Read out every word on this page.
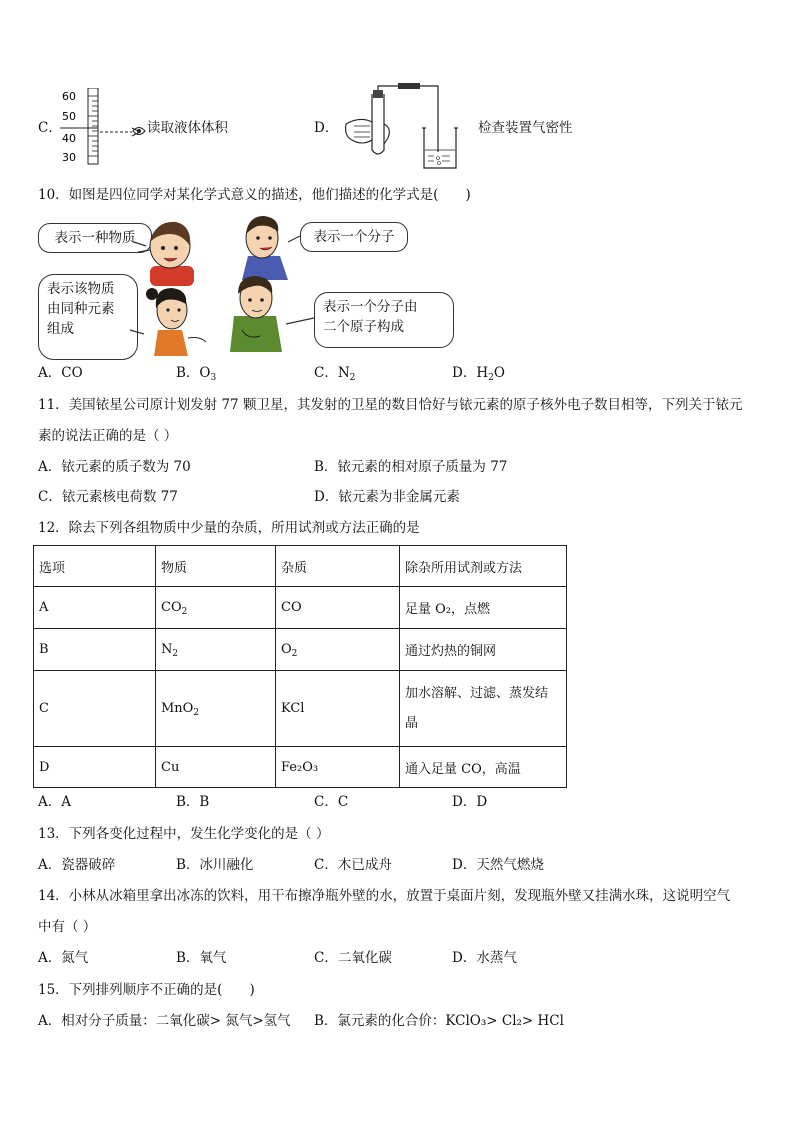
C．
60
50
40
30
读取液体体积	D．	检查装置气密性
10．如图是四位同学对某化学式意义的描述，他们描述的化学式是(　　)
表示一种物质	表示一个分子
表示该物质
由同种元素
组成
表示一个分子由
二个原子构成
A．CO	B．$O_3$	C．$N_2$	D．$H_2O$
11．美国铱星公司原计划发射 77 颗卫星，其发射的卫星的数目恰好与铱元素的原子核外电子数目相等，下列关于铱元
素的说法正确的是（ ）
A．铱元素的质子数为 70	B．铱元素的相对原子质量为 77
C．铱元素核电荷数 77	D．铱元素为非金属元素
12．除去下列各组物质中少量的杂质，所用试剂或方法正确的是
选项	物质	杂质	除杂所用试剂或方法
A	$CO_2$	CO	足量 O₂，点燃
B	$N_2$	$O_2$	通过灼热的铜网
C	MnO$_2$	KCl	加水溶解、过滤、蒸发结
晶

D	Cu	Fe₂O₃	通入足量 CO，高温
A．A	B．B	C．C	D．D
13．下列各变化过程中，发生化学变化的是（ ）
A．瓷器破碎	B．冰川融化	C．木已成舟	D．天然气燃烧
14．小林从冰箱里拿出冰冻的饮料，用干布擦净瓶外壁的水，放置于桌面片刻，发现瓶外壁又挂满水珠，这说明空气
中有（ ）
A．氮气	B．氧气	C．二氧化碳	D．水蒸气
15．下列排列顺序不正确的是(　　)
A．相对分子质量：二氧化碳> 氮气>氢气 B．氯元素的化合价：KClO₃> Cl₂> HCl
